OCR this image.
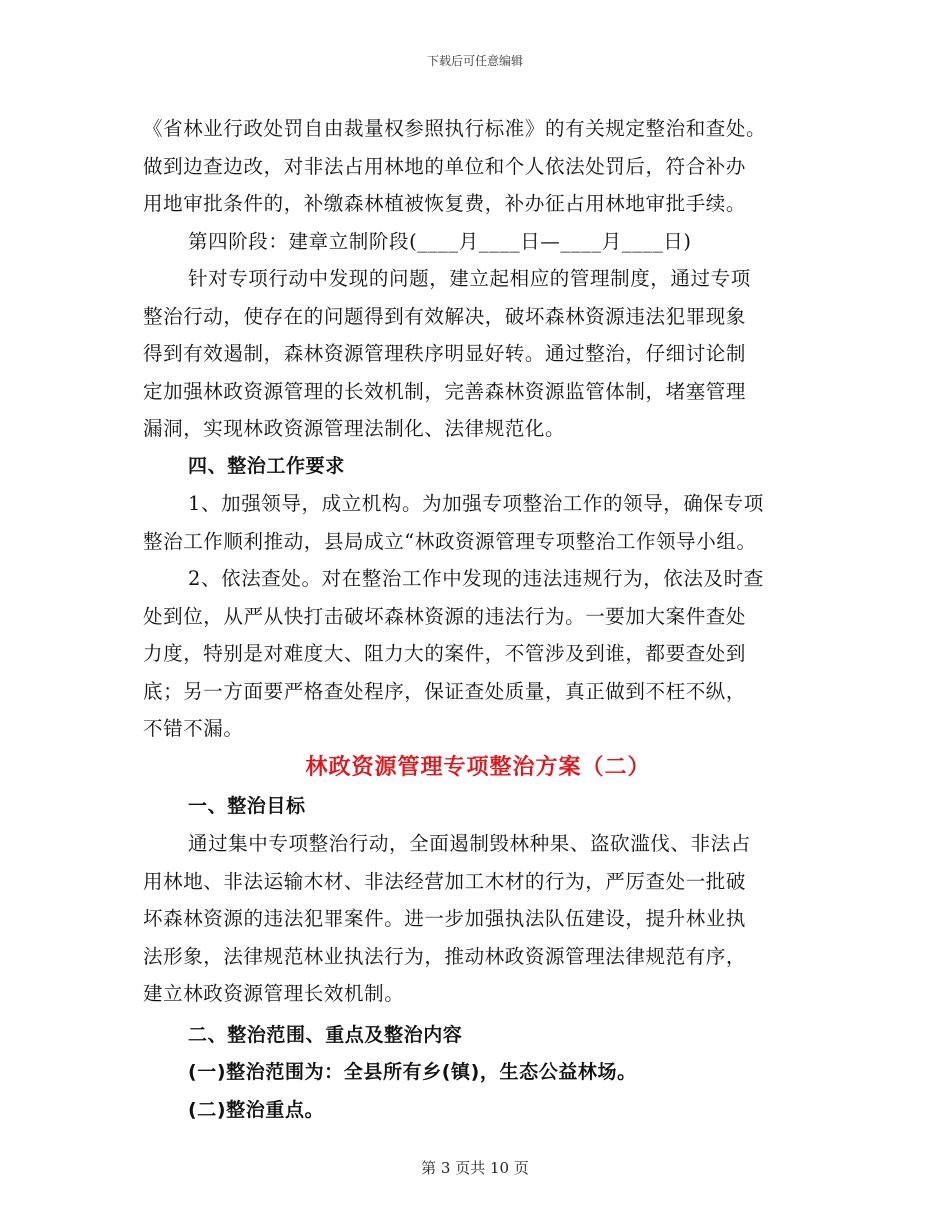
下载后可任意编辑
《省林业行政处罚自由裁量权参照执行标准》的有关规定整治和查处。
做到边查边改，对非法占用林地的单位和个人依法处罚后，符合补办
用地审批条件的，补缴森林植被恢复费，补办征占用林地审批手续。
第四阶段：建章立制阶段(____月____日—____月____日)
针对专项行动中发现的问题，建立起相应的管理制度，通过专项
整治行动，使存在的问题得到有效解决，破坏森林资源违法犯罪现象
得到有效遏制，森林资源管理秩序明显好转。通过整治，仔细讨论制
定加强林政资源管理的长效机制，完善森林资源监管体制，堵塞管理
漏洞，实现林政资源管理法制化、法律规范化。
四、整治工作要求
1、加强领导，成立机构。为加强专项整治工作的领导，确保专项
整治工作顺利推动，县局成立“林政资源管理专项整治工作领导小组。
2、依法查处。对在整治工作中发现的违法违规行为，依法及时查
处到位，从严从快打击破坏森林资源的违法行为。一要加大案件查处
力度，特别是对难度大、阻力大的案件，不管涉及到谁，都要查处到
底；另一方面要严格查处程序，保证查处质量，真正做到不枉不纵，
不错不漏。
林政资源管理专项整治方案（二）
一、整治目标
通过集中专项整治行动，全面遏制毁林种果、盗砍滥伐、非法占
用林地、非法运输木材、非法经营加工木材的行为，严厉查处一批破
坏森林资源的违法犯罪案件。进一步加强执法队伍建设，提升林业执
法形象，法律规范林业执法行为，推动林政资源管理法律规范有序，
建立林政资源管理长效机制。
二、整治范围、重点及整治内容
(一)整治范围为：全县所有乡(镇)，生态公益林场。
(二)整治重点。
第 3 页共 10 页
